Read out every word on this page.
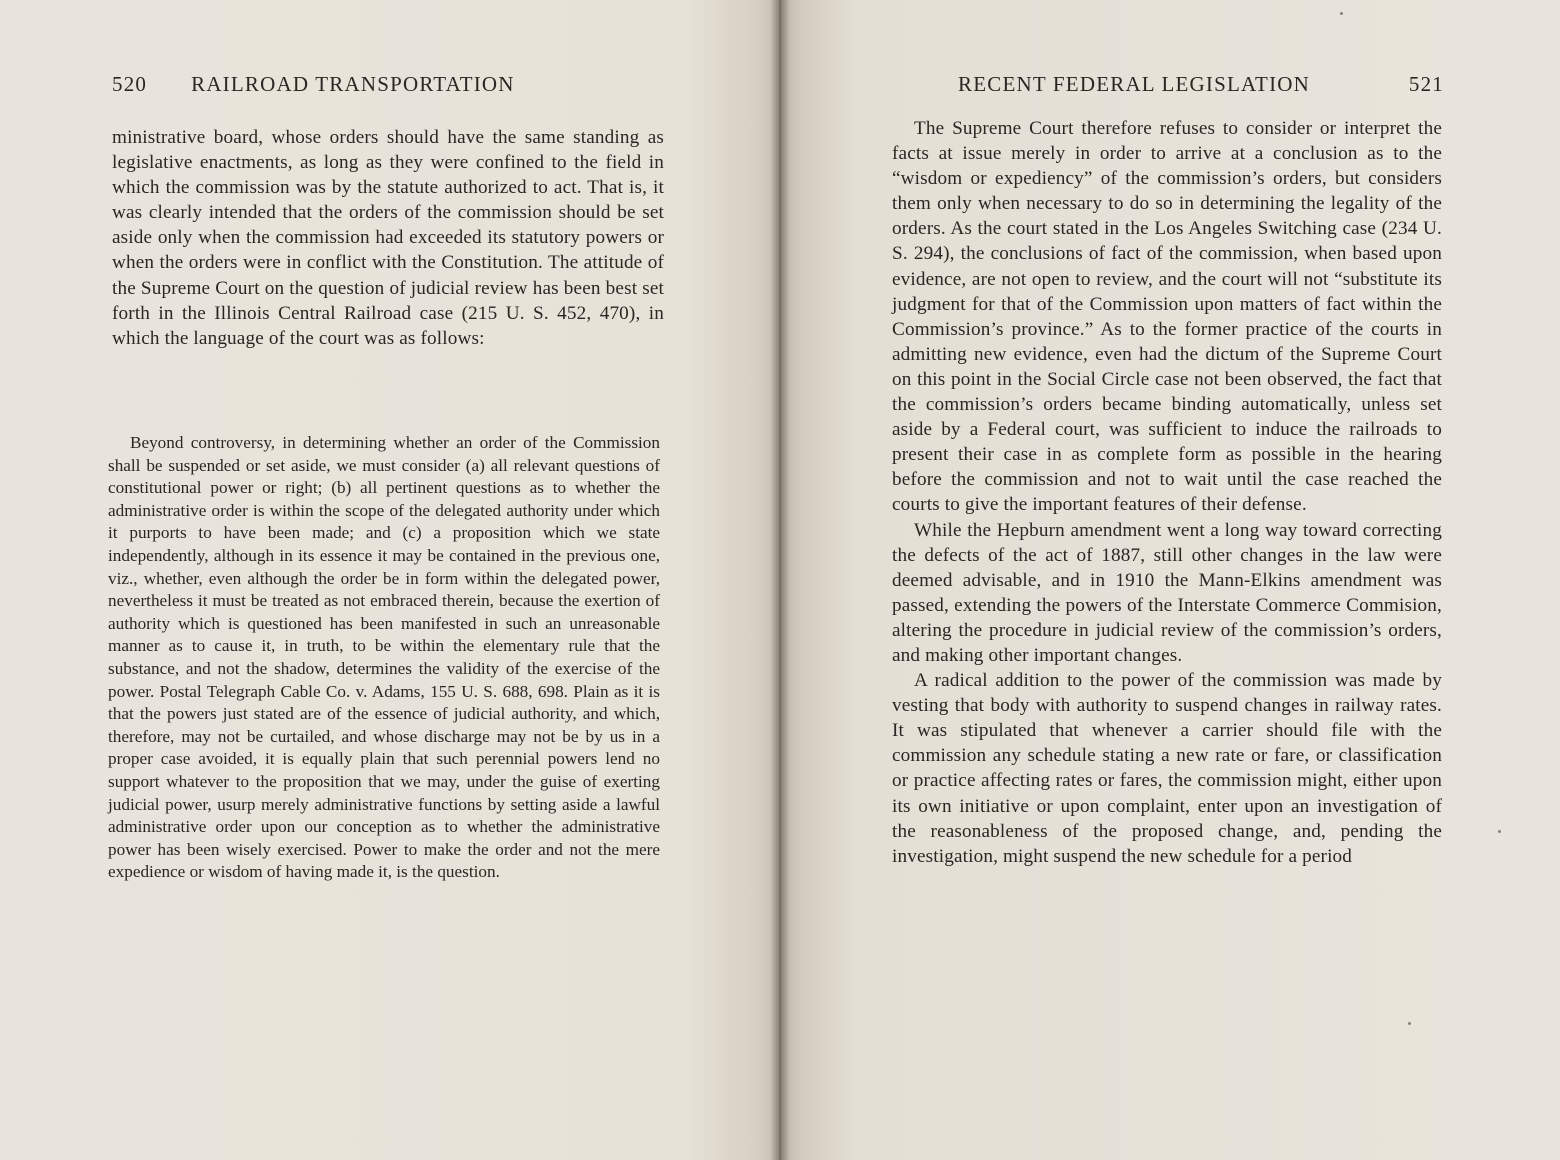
520 RAILROAD TRANSPORTATION

ministrative board, whose orders should have the same standing as legislative enactments, as long as they were confined to the field in which the commission was by the statute authorized to act. That is, it was clearly intended that the orders of the commission should be set aside only when the commission had exceeded its statutory powers or when the orders were in conflict with the Constitution. The attitude of the Supreme Court on the question of judicial review has been best set forth in the Illinois Central Railroad case (215 U. S. 452, 470), in which the language of the court was as follows:

Beyond controversy, in determining whether an order of the Commission shall be suspended or set aside, we must consider (a) all relevant questions of constitutional power or right; (b) all pertinent questions as to whether the administrative order is within the scope of the delegated authority under which it purports to have been made; and (c) a proposition which we state independently, although in its essence it may be contained in the previous one, viz., whether, even although the order be in form within the delegated power, nevertheless it must be treated as not embraced therein, because the exertion of authority which is questioned has been manifested in such an unreasonable manner as to cause it, in truth, to be within the elementary rule that the substance, and not the shadow, determines the validity of the exercise of the power. Postal Telegraph Cable Co. v. Adams, 155 U. S. 688, 698. Plain as it is that the powers just stated are of the essence of judicial authority, and which, therefore, may not be curtailed, and whose discharge may not be by us in a proper case avoided, it is equally plain that such perennial powers lend no support whatever to the proposition that we may, under the guise of exerting judicial power, usurp merely administrative functions by setting aside a lawful administrative order upon our conception as to whether the administrative power has been wisely exercised. Power to make the order and not the mere expedience or wisdom of having made it, is the question.

RECENT FEDERAL LEGISLATION	521

The Supreme Court therefore refuses to consider or interpret the facts at issue merely in order to arrive at a conclusion as to the “wisdom or expediency” of the commission’s orders, but considers them only when necessary to do so in determining the legality of the orders. As the court stated in the Los Angeles Switching case (234 U. S. 294), the conclusions of fact of the commission, when based upon evidence, are not open to review, and the court will not “substitute its judgment for that of the Commission upon matters of fact within the Commission’s province.” As to the former practice of the courts in admitting new evidence, even had the dictum of the Supreme Court on this point in the Social Circle case not been observed, the fact that the commission’s orders became binding automatically, unless set aside by a Federal court, was sufficient to induce the railroads to present their case in as complete form as possible in the hearing before the commission and not to wait until the case reached the courts to give the important features of their defense.

While the Hepburn amendment went a long way toward correcting the defects of the act of 1887, still other changes in the law were deemed advisable, and in 1910 the Mann-Elkins amendment was passed, extending the powers of the Interstate Commerce Commision, altering the procedure in judicial review of the commission’s orders, and making other important changes.

A radical addition to the power of the commission was made by vesting that body with authority to suspend changes in railway rates. It was stipulated that whenever a carrier should file with the commission any schedule stating a new rate or fare, or classification or practice affecting rates or fares, the commission might, either upon its own initiative or upon complaint, enter upon an investigation of the reasonableness of the proposed change, and, pending the investigation, might suspend the new schedule for a period
